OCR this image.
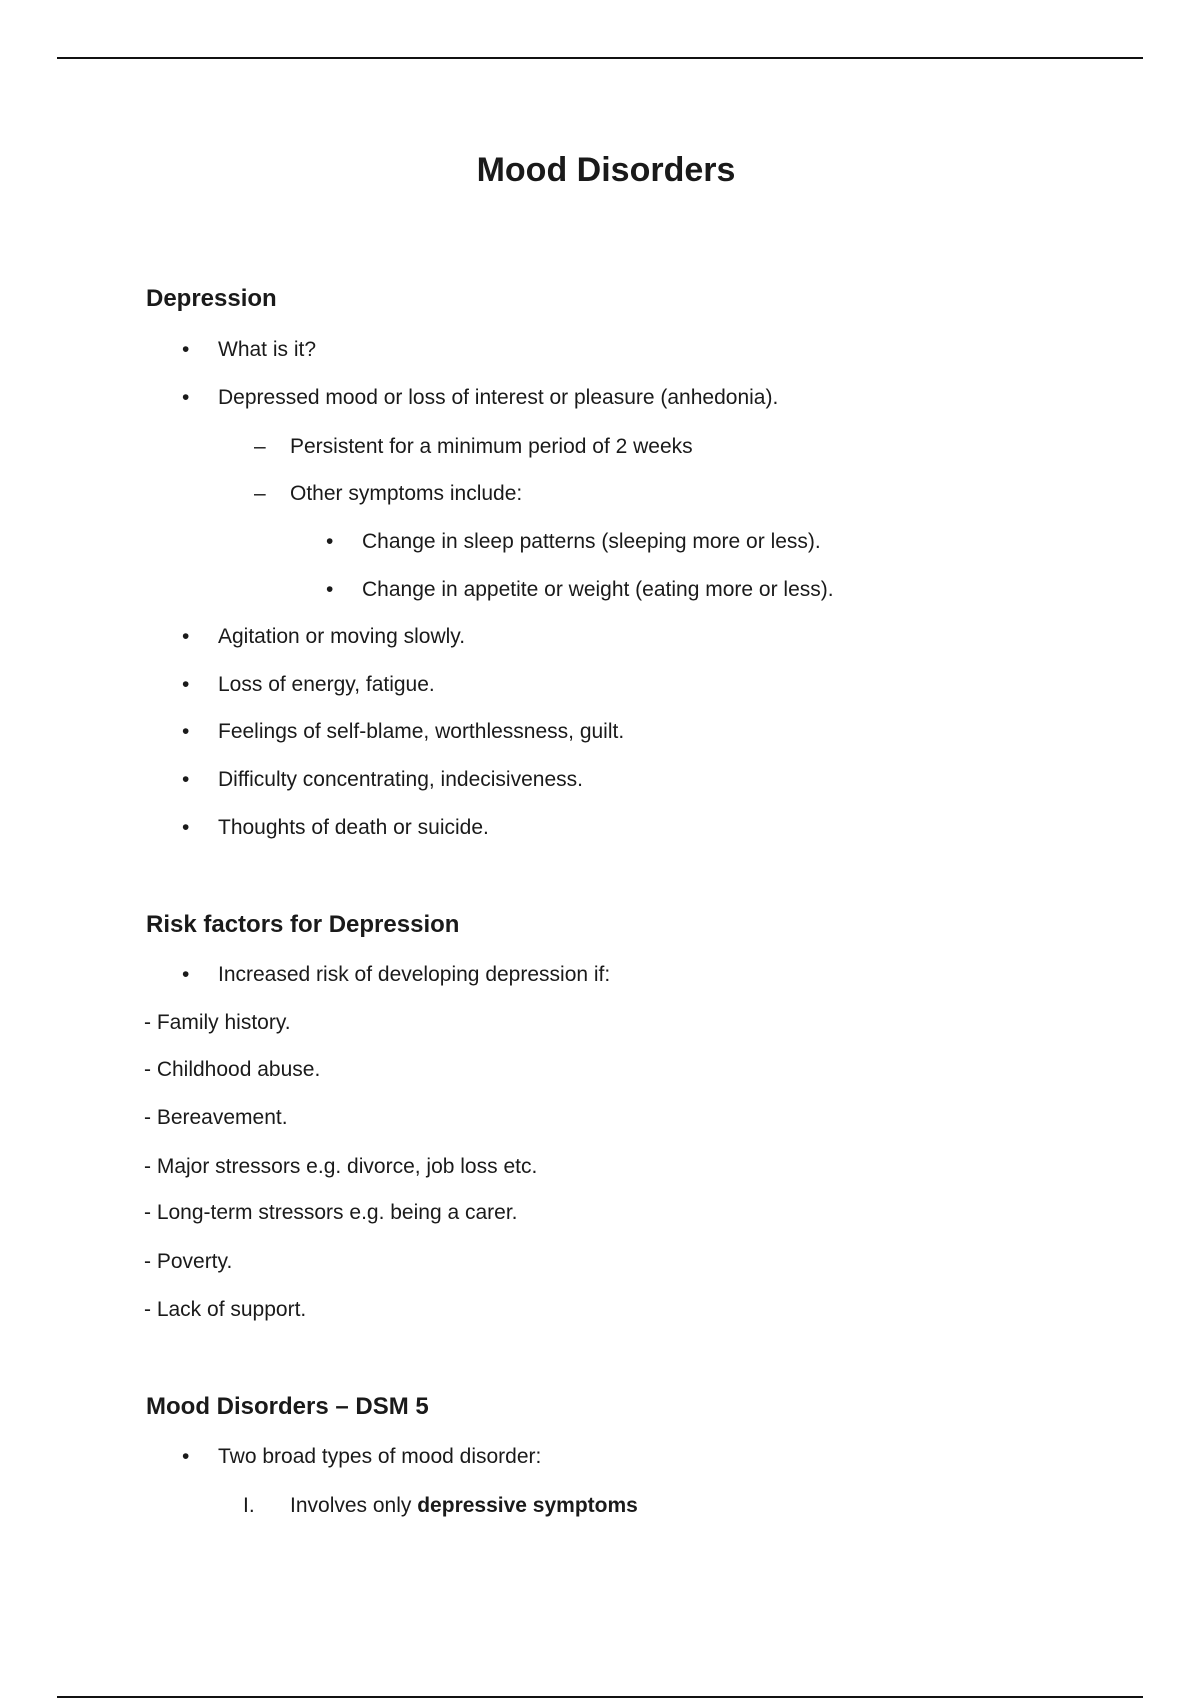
Mood Disorders
Depression
• What is it?
• Depressed mood or loss of interest or pleasure (anhedonia).
– Persistent for a minimum period of 2 weeks
– Other symptoms include:
• Change in sleep patterns (sleeping more or less).
• Change in appetite or weight (eating more or less).
• Agitation or moving slowly.
• Loss of energy, fatigue.
• Feelings of self-blame, worthlessness, guilt.
• Difficulty concentrating, indecisiveness.
• Thoughts of death or suicide.
Risk factors for Depression
• Increased risk of developing depression if:
- Family history.
- Childhood abuse.
- Bereavement.
- Major stressors e.g. divorce, job loss etc.
- Long-term stressors e.g. being a carer.
- Poverty.
- Lack of support.
Mood Disorders – DSM 5
• Two broad types of mood disorder:
I. Involves only depressive symptoms
